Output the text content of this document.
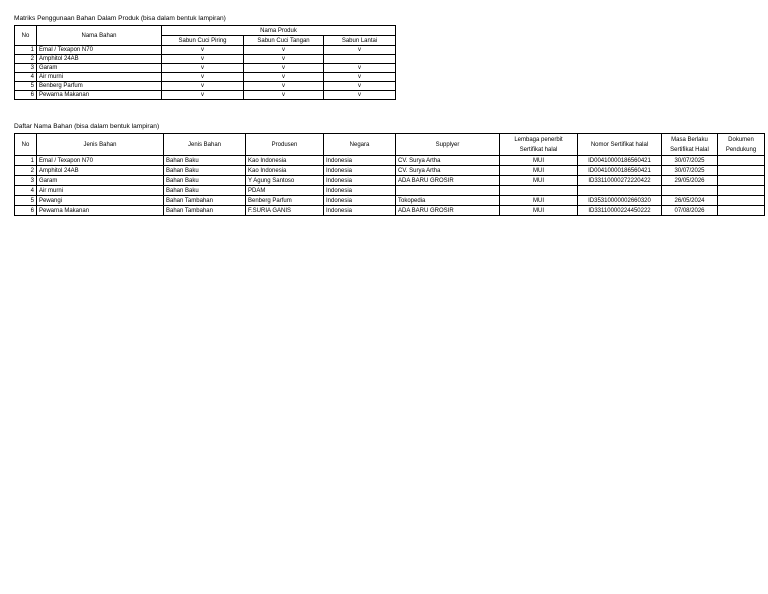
Matriks Penggunaan Bahan Dalam Produk (bisa dalam bentuk lampiran)
No	Nama Bahan	Nama Produk		
		Sabun Cuci Piring	Sabun Cuci Tangan	Sabun Lantai
1	Emal / Texapon N70	v	v	v
2	Amphitol 24AB	v	v	
3	Garam	v	v	v
4	Air murni	v	v	v
5	Benberg Parfum	v	v	v
6	Pewarna Makanan	v	v	v
Daftar Nama Bahan (bisa dalam bentuk lampiran)
No	Jenis Bahan	Jenis Bahan	Produsen	Negara	Supplyer	Lembaga penerbit Sertifikat halal	Nomor Sertifikat halal	Masa Berlaku Sertifikat Halal	Dokumen Pendukung
1	Emal / Texapon N70	Bahan Baku	Kao Indonesia	Indonesia	CV. Surya Artha	MUI	ID00410000186560421	30/07/2025	
2	Amphitol 24AB	Bahan Baku	Kao Indonesia	Indonesia	CV. Surya Artha	MUI	ID00410000186560421	30/07/2025	
3	Garam	Bahan Baku	Y Agung Santoso	Indonesia	ADA BARU GROSIR	MUI	ID33110000272220422	29/05/2026	
4	Air murni	Bahan Baku	PDAM	Indonesia					
5	Pewangi	Bahan Tambahan	Benberg Parfum	Indonesia	Tokopedia	MUI	ID35310000002660320	26/05/2024	
6	Pewarna Makanan	Bahan Tambahan	F.SURIA GANIS	Indonesia	ADA BARU GROSIR	MUI	ID33110000224450222	07/08/2026	
